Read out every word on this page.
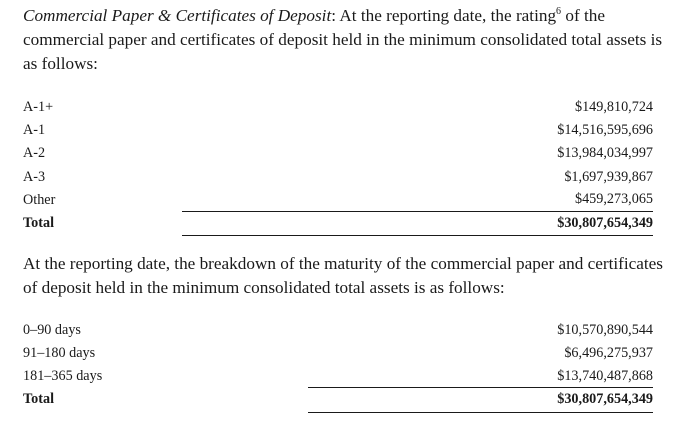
Commercial Paper & Certificates of Deposit: At the reporting date, the rating$^6$ of the commercial paper and certificates of deposit held in the minimum consolidated total assets is as follows:

A-1+	$149,810,724
A-1	$14,516,595,696
A-2	$13,984,034,997
A-3	$1,697,939,867
Other	$459,273,065
Total	$30,807,654,349

At the reporting date, the breakdown of the maturity of the commercial paper and certificates of deposit held in the minimum consolidated total assets is as follows:

0–90 days	$10,570,890,544
91–180 days	$6,496,275,937
181–365 days	$13,740,487,868
Total	$30,807,654,349
